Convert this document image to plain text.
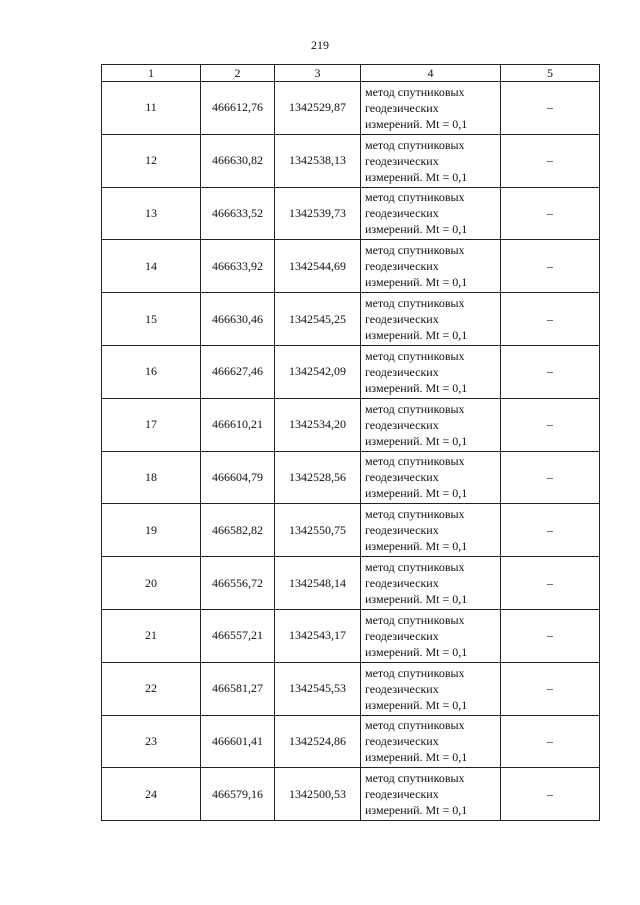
219
1	2	3	4	5
11	466612,76	1342529,87	метод спутниковых
геодезических
измерений. Mt = 0,1	–
12	466630,82	1342538,13	метод спутниковых
геодезических
измерений. Mt = 0,1	–
13	466633,52	1342539,73	метод спутниковых
геодезических
измерений. Mt = 0,1	–
14	466633,92	1342544,69	метод спутниковых
геодезических
измерений. Mt = 0,1	–
15	466630,46	1342545,25	метод спутниковых
геодезических
измерений. Mt = 0,1	–
16	466627,46	1342542,09	метод спутниковых
геодезических
измерений. Mt = 0,1	–
17	466610,21	1342534,20	метод спутниковых
геодезических
измерений. Mt = 0,1	–
18	466604,79	1342528,56	метод спутниковых
геодезических
измерений. Mt = 0,1	–
19	466582,82	1342550,75	метод спутниковых
геодезических
измерений. Mt = 0,1	–
20	466556,72	1342548,14	метод спутниковых
геодезических
измерений. Mt = 0,1	–
21	466557,21	1342543,17	метод спутниковых
геодезических
измерений. Mt = 0,1	–
22	466581,27	1342545,53	метод спутниковых
геодезических
измерений. Mt = 0,1	–
23	466601,41	1342524,86	метод спутниковых
геодезических
измерений. Mt = 0,1	–
24	466579,16	1342500,53	метод спутниковых
геодезических
измерений. Mt = 0,1	–
